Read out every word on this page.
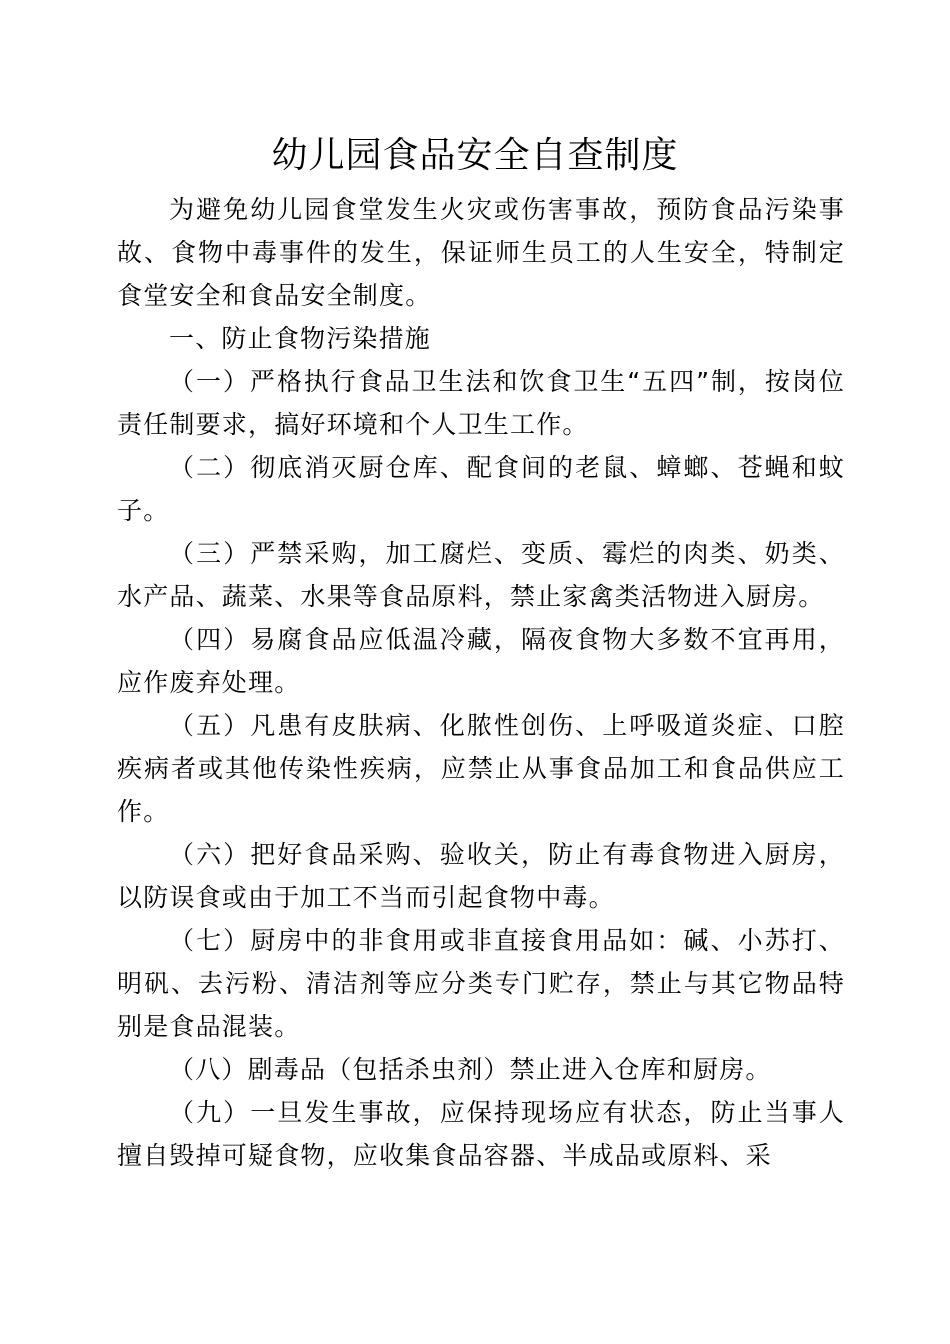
幼儿园食品安全自查制度

为避免幼儿园食堂发生火灾或伤害事故，预防食品污染事故、食物中毒事件的发生，保证师生员工的人生安全，特制定食堂安全和食品安全制度。

一、防止食物污染措施

（一）严格执行食品卫生法和饮食卫生“五四”制，按岗位责任制要求，搞好环境和个人卫生工作。

（二）彻底消灭厨仓库、配食间的老鼠、蟑螂、苍蝇和蚊子。

（三）严禁采购，加工腐烂、变质、霉烂的肉类、奶类、水产品、蔬菜、水果等食品原料，禁止家禽类活物进入厨房。

（四）易腐食品应低温冷藏，隔夜食物大多数不宜再用，应作废弃处理。

（五）凡患有皮肤病、化脓性创伤、上呼吸道炎症、口腔疾病者或其他传染性疾病，应禁止从事食品加工和食品供应工作。

（六）把好食品采购、验收关，防止有毒食物进入厨房，以防误食或由于加工不当而引起食物中毒。

（七）厨房中的非食用或非直接食用品如：碱、小苏打、明矾、去污粉、清洁剂等应分类专门贮存，禁止与其它物品特别是食品混装。

（八）剧毒品（包括杀虫剂）禁止进入仓库和厨房。

（九）一旦发生事故，应保持现场应有状态，防止当事人擅自毁掉可疑食物，应收集食品容器、半成品或原料、采
